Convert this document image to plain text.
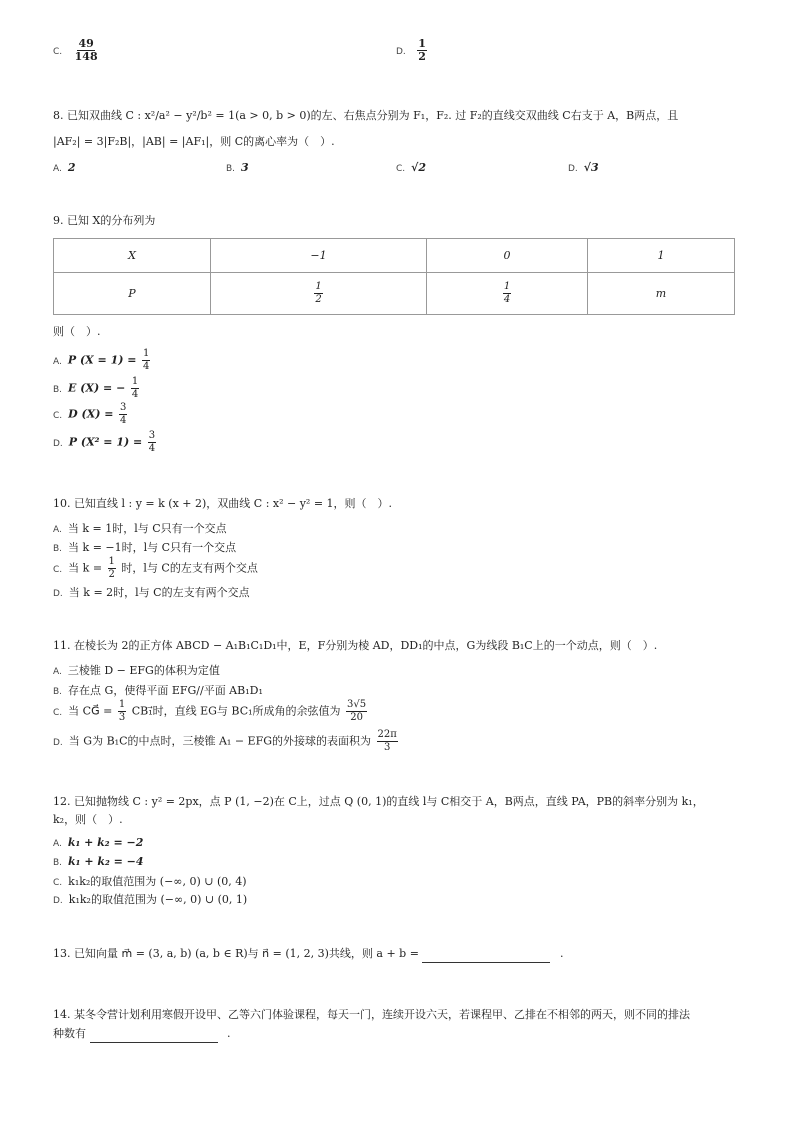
C. $\frac{49}{148}$	D. $\frac{1}{2}$
8. 已知双曲线 C : x²/a² − y²/b² = 1(a > 0, b > 0)的左、右焦点分别为 F₁，F₂. 过 F₂的直线交双曲线 C右支于 A，B两点，且
|AF₂| = 3|F₂B|，|AB| = |AF₁|，则 C的离心率为（　）.
A. 2	B. 3	C. √2	D. √3
9. 已知 X的分布列为
X	−1	0	1
P	$\frac{1}{2}$	$\frac{1}{4}$	m
则（　）.
A. P $(X = 1) = \frac{1}{4}$
B. E (X) = − $\frac{1}{4}$
C. D $(X) = \frac{3}{4}$
D. P $(X^2 = 1) = \frac{3}{4}$
10. 已知直线 l : y = k (x + 2)，双曲线 C : x² − y² = 1，则（　）.
A. 当 k = 1时，l与 C只有一个交点
B. 当 k = −1时，l与 C只有一个交点
C. 当 $k = \frac{1}{2}$ 时，l与 C的左支有两个交点
D. 当 k = 2时，l与 C的左支有两个交点
11. 在棱长为 2的正方体 ABCD − A₁B₁C₁D₁中，E，F分别为棱 AD，DD₁的中点，G为线段 B₁C上的一个动点，则（　）.
A. 三棱锥 D − EFG的体积为定值
B. 存在点 G，使得平面 EFG//平面 AB₁D₁
C. 当 CG⃗ = $\frac{1}{3}$ CB₁⃗时，直线 EG与 BC₁所成角的余弦值为 $\frac{3√5}{20}$
D. 当 G为 B₁C的中点时，三棱锥 A₁ − EFG的外接球的表面积为 $\frac{22\pi}{3}$
12. 已知抛物线 C : y² = 2px，点 P (1, −2)在 C上，过点 Q (0, 1)的直线 l与 C相交于 A，B两点，直线 PA，PB的斜率分别为 k₁，
k₂，则（　）.
A. k₁ + k₂ = −2
B. k₁ + k₂ = −4
C. k₁k₂的取值范围为 (−∞, 0) ∪ (0, 4)
D. k₁k₂的取值范围为 (−∞, 0) ∪ (0, 1)
13. 已知向量 m⃗ = (3, a, b) (a, b ∈ R)与 n⃗ = (1, 2, 3)共线，则 a + b =	.
14. 某冬令营计划利用寒假开设甲、乙等六门体验课程，每天一门，连续开设六天，若课程甲、乙排在不相邻的两天，则不同的排法
种数有	.
